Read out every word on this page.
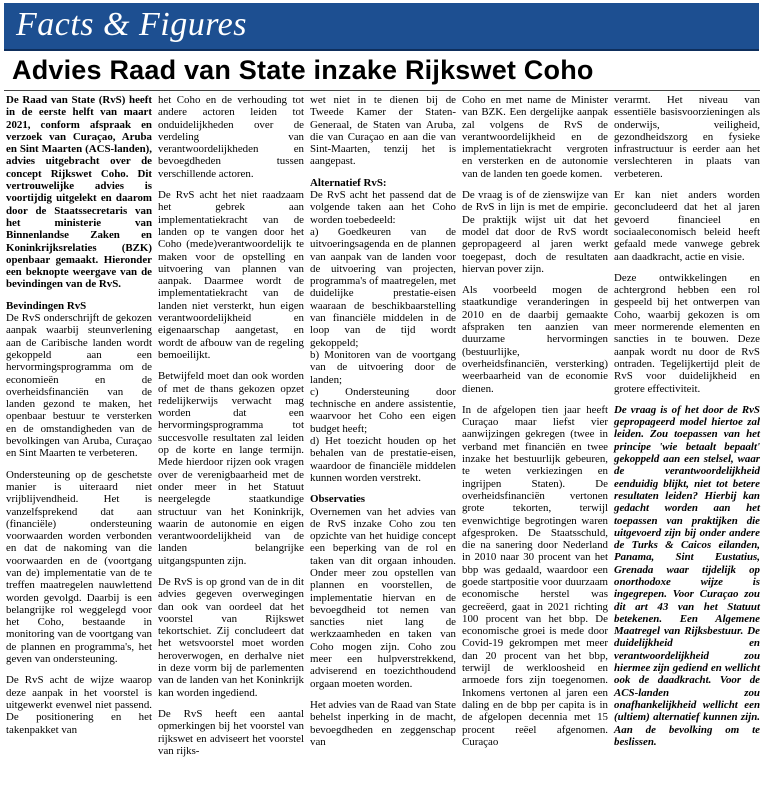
Facts & Figures
Advies Raad van State inzake Rijkswet Coho

De Raad van State (RvS) heeft in de eerste helft van maart 2021, conform afspraak en verzoek van Curaçao, Aruba en Sint Maarten (ACS-landen), advies uitgebracht over de concept Rijkswet Coho. Dit vertrouwelijke advies is voortijdig uitgelekt en daarom door de Staatssecretaris van het ministerie van Binnenlandse Zaken en Koninkrijksrelaties (BZK) openbaar gemaakt. Hieronder een beknopte weergave van de bevindingen van de RvS.

Bevindingen RvS

De RvS onderschrijft de gekozen aanpak waarbij steunverlening aan de Caribische landen wordt gekoppeld aan een hervormingsprogramma om de economieën en de overheidsfinanciën van de landen gezond te maken, het openbaar bestuur te versterken en de omstandigheden van de bevolkingen van Aruba, Curaçao en Sint Maarten te verbeteren.

Ondersteuning op de geschetste manier is uiteraard niet vrijblijvendheid. Het is vanzelfsprekend dat aan (financiële) ondersteuning voorwaarden worden verbonden en dat de nakoming van die voorwaarden en de (voortgang van de) implementatie van de te treffen maatregelen nauwlettend worden gevolgd. Daarbij is een belangrijke rol weggelegd voor het Coho, bestaande in monitoring van de voortgang van de plannen en programma's, het geven van ondersteuning.

De RvS acht de wijze waarop deze aanpak in het voorstel is uitgewerkt evenwel niet passend. De positionering en het takenpakket van

het Coho en de verhouding tot andere actoren leiden tot onduidelijkheden over de verdeling van verantwoordelijkheden en bevoegdheden tussen verschillende actoren.

De RvS acht het niet raadzaam het gebrek aan implementatiekracht van de landen op te vangen door het Coho (mede)verantwoordelijk te maken voor de opstelling en uitvoering van plannen van aanpak. Daarmee wordt de implementatiekracht van de landen niet versterkt, hun eigen verantwoordelijkheid en eigenaarschap aangetast, en wordt de afbouw van de regeling bemoeilijkt.

Betwijfeld moet dan ook worden of met de thans gekozen opzet redelijkerwijs verwacht mag worden dat een hervormingsprogramma tot succesvolle resultaten zal leiden op de korte en lange termijn. Mede hierdoor rijzen ook vragen over de verenigbaarheid met de onder meer in het Statuut neergelegde staatkundige structuur van het Koninkrijk, waarin de autonomie en eigen verantwoordelijkheid van de landen belangrijke uitgangspunten zijn.

De RvS is op grond van de in dit advies gegeven overwegingen dan ook van oordeel dat het voorstel van Rijkswet tekortschiet. Zij concludeert dat het wetsvoorstel moet worden heroverwogen, en derhalve niet in deze vorm bij de parlementen van de landen van het Koninkrijk kan worden ingediend.

De RvS heeft een aantal opmerkingen bij het voorstel van rijkswet en adviseert het voorstel van rijks-

wet niet in te dienen bij de Tweede Kamer der Staten-Generaal, de Staten van Aruba, die van Curaçao en aan die van Sint-Maarten, tenzij het is aangepast.

Alternatief RvS:

De RvS acht het passend dat de volgende taken aan het Coho worden toebedeeld:

a) Goedkeuren van de uitvoeringsagenda en de plannen van aanpak van de landen voor de uitvoering van projecten, programma's of maatregelen, met duidelijke prestatie-eisen waaraan de beschikbaarstelling van financiële middelen in de loop van de tijd wordt gekoppeld;

b) Monitoren van de voortgang van de uitvoering door de landen;

c) Ondersteuning door technische en andere assistentie, waarvoor het Coho een eigen budget heeft;

d) Het toezicht houden op het behalen van de prestatie-eisen, waardoor de financiële middelen kunnen worden verstrekt.

Observaties

Overnemen van het advies van de RvS inzake Coho zou ten opzichte van het huidige concept een beperking van de rol en taken van dit orgaan inhouden. Onder meer zou opstellen van plannen en voorstellen, de implementatie hiervan en de bevoegdheid tot nemen van sancties niet lang de werkzaamheden en taken van Coho mogen zijn. Coho zou meer een hulpverstrekkend, adviserend en toezichthoudend orgaan moeten worden.

Het advies van de Raad van State behelst inperking in de macht, bevoegdheden en zeggenschap van

Coho en met name de Minister van BZK. Een dergelijke aanpak zal volgens de RvS de verantwoordelijkheid en de implementatiekracht vergroten en versterken en de autonomie van de landen ten goede komen.

De vraag is of de zienswijze van de RvS in lijn is met de empirie. De praktijk wijst uit dat het model dat door de RvS wordt gepropageerd al jaren werkt toegepast, doch de resultaten hiervan pover zijn.

Als voorbeeld mogen de staatkundige veranderingen in 2010 en de daarbij gemaakte afspraken ten aanzien van duurzame hervormingen (bestuurlijke, overheidsfinanciën, versterking) weerbaarheid van de economie dienen.

In de afgelopen tien jaar heeft Curaçao maar liefst vier aanwijzingen gekregen (twee in verband met financiën en twee inzake het bestuurlijk gebeuren, te weten verkiezingen en ingrijpen Staten). De overheidsfinanciën vertonen grote tekorten, terwijl evenwichtige begrotingen waren afgesproken. De Staatsschuld, die na sanering door Nederland in 2010 naar 30 procent van het bbp was gedaald, waardoor een goede startpositie voor duurzaam economische herstel was gecreëerd, gaat in 2021 richting 100 procent van het bbp. De economische groei is mede door Covid-19 gekrompen met meer dan 20 procent van het bbp, terwijl de werkloosheid en armoede fors zijn toegenomen. Inkomens vertonen al jaren een daling en de bbp per capita is in de afgelopen decennia met 15 procent reëel afgenomen. Curaçao

verarmt. Het niveau van essentiële basisvoorzieningen als onderwijs, veiligheid, gezondheidszorg en fysieke infrastructuur is eerder aan het verslechteren in plaats van verbeteren.

Er kan niet anders worden geconcludeerd dat het al jaren gevoerd financieel en sociaaleconomisch beleid heeft gefaald mede vanwege gebrek aan daadkracht, actie en visie.

Deze ontwikkelingen en achtergrond hebben een rol gespeeld bij het ontwerpen van Coho, waarbij gekozen is om meer normerende elementen en sancties in te bouwen. Deze aanpak wordt nu door de RvS ontraden. Tegelijkertijd pleit de RvS voor duidelijkheid en grotere effectiviteit.

De vraag is of het door de RvS gepropageerd model hiertoe zal leiden. Zou toepassen van het principe 'wie betaalt bepaalt' gekoppeld aan een stelsel, waar de verantwoordelijkheid eenduidig blijkt, niet tot betere resultaten leiden? Hierbij kan gedacht worden aan het toepassen van praktijken die uitgevoerd zijn bij onder andere de Turks & Caicos eilanden, Panama, Sint Eustatius, Grenada waar tijdelijk op onorthodoxe wijze is ingegrepen. Voor Curaçao zou dit art 43 van het Statuut betekenen. Een Algemene Maatregel van Rijksbestuur. De duidelijkheid en verantwoordelijkheid zou hiermee zijn gediend en wellicht ook de daadkracht. Voor de ACS-landen zou onafhankelijkheid wellicht een (ultiem) alternatief kunnen zijn. Aan de bevolking om te beslissen.
